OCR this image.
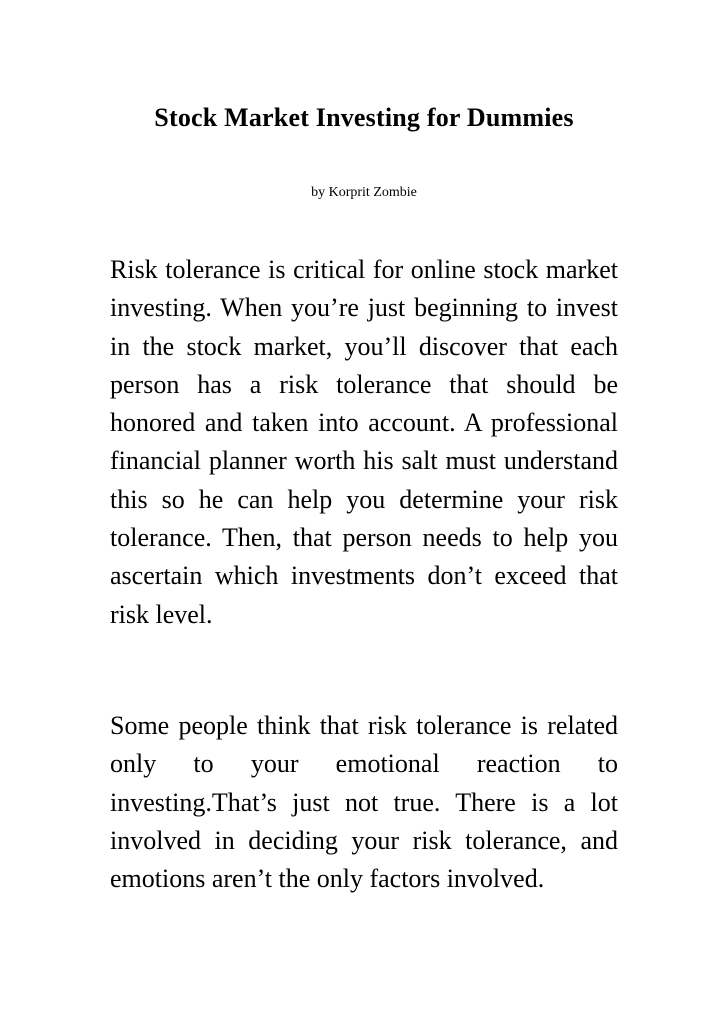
Stock Market Investing for Dummies

by Korprit Zombie

Risk tolerance is critical for online stock market investing. When you’re just beginning to invest in the stock market, you’ll discover that each person has a risk tolerance that should be honored and taken into account. A professional financial planner worth his salt must understand this so he can help you determine your risk tolerance. Then, that person needs to help you ascertain which investments don’t exceed that risk level.

Some people think that risk tolerance is related only to your emotional reaction to investing.That’s just not true. There is a lot involved in deciding your risk tolerance, and emotions aren’t the only factors involved.
